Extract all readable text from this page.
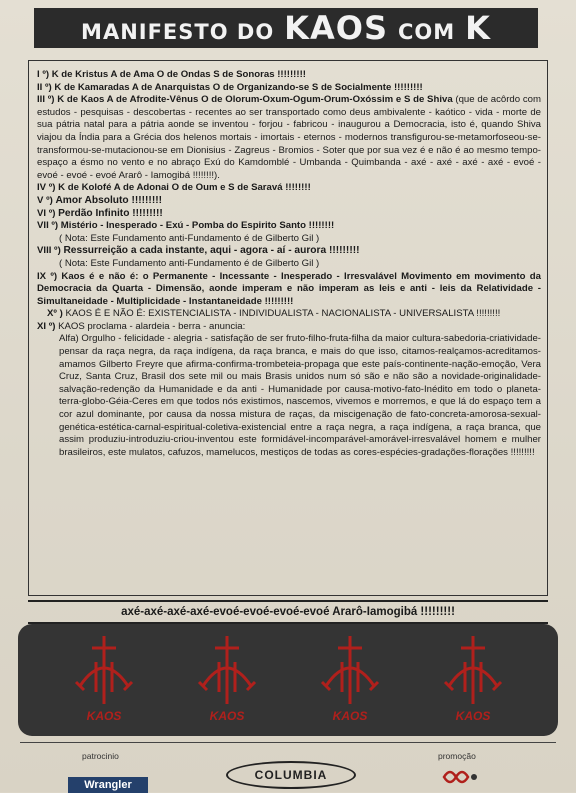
MANIFESTO DO KAOS COM K

I º) K de Kristus A de Ama O de Ondas S de Sonoras !!!!!!!!!

II º) K de Kamaradas A de Anarquistas O de Organizando-se S de Socialmente !!!!!!!!!

III º) K de Kaos A de Afrodite-Vênus O de Olorum-Oxum-Ogum-Orum-Oxóssim e S de Shiva (que de acôrdo com estudos - pesquisas - descobertas - recentes ao ser transportado como deus ambivalente - kaótico - vida - morte de sua pátria natal para a pátria aonde se inventou - forjou - fabricou - inaugurou a Democracia, isto é, quando Shiva viajou da Índia para a Grécia dos helenos mortais - imortais - eternos - modernos transfigurou-se-metamorfoseou-se-transformou-se-mutacionou-se em Dionisius - Zagreus - Bromios - Soter que por sua vez é e não é ao mesmo tempo-espaço a ésmo no vento e no abraço Exú do Kamdomblé - Umbanda - Quimbanda - axé - axé - axé - axé - evoé - evoé - evoé - evoé Ararô - Iamogibá !!!!!!!!).

IV º) K de Kolofé A de Adonai O de Oum e S de Saravá !!!!!!!!

V º) Amor Absoluto !!!!!!!!!

VI º) Perdão Infinito !!!!!!!!!

VII º) Mistério - Inesperado - Exú - Pomba do Espirito Santo !!!!!!!!

( Nota: Este Fundamento anti-Fundamento é de Gilberto Gil )

VIII º) Ressurreição a cada instante, aqui - agora - aí - aurora !!!!!!!!!

( Nota: Este Fundamento anti-Fundamento é de Gilberto Gil )

IX º) Kaos é e não é: o Permanente - Incessante - Inesperado - Irresvalável Movimento em movimento da Democracia da Quarta - Dimensão, aonde imperam e não imperam as leis e anti - leis da Relatividade - Simultaneidade - Multiplicidade - Instantaneidade !!!!!!!!!

Xº ) KAOS É E NÃO É: EXISTENCIALISTA - INDIVIDUALISTA - NACIONALISTA - UNIVERSALISTA !!!!!!!!!

XI º) KAOS proclama - alardeia - berra - anuncia:

Alfa) Orgulho - felicidade - alegria - satisfação de ser fruto-filho-fruta-filha da maior cultura-sabedoria-criatividade-pensar da raça negra, da raça indígena, da raça branca, e mais do que isso, citamos-realçamos-acreditamos-amamos Gilberto Freyre que afirma-confirma-trombeteia-propaga que este país-continente-nação-emoção, Vera Cruz, Santa Cruz, Brasil dos sete mil ou mais Brasis unidos num só são e não são a novidade-originalidade-salvação-redenção da Humanidade e da anti - Humanidade por causa-motivo-fato-Inédito em todo o planeta-terra-globo-Géia-Ceres em que todos nós existimos, nascemos, vivemos e morremos, e que lá do espaço tem a cor azul dominante, por causa da nossa mistura de raças, da miscigenação de fato-concreta-amorosa-sexual-genética-estética-carnal-espiritual-coletiva-existencial entre a raça negra, a raça indígena, a raça branca, que assim produziu-introduziu-criou-inventou este formidável-incomparável-amorável-irresvalável homem e mulher brasileiros, este mulatos, cafuzos, mamelucos, mestiços de todas as cores-espécies-gradações-florações !!!!!!!!!

axé-axé-axé-axé-evoé-evoé-evoé-evoé Ararô-Iamogibá !!!!!!!!!
KAOS	KAOS	KAOS	KAOS
patrocinio
Wrangler
COLUMBIA
promoção
